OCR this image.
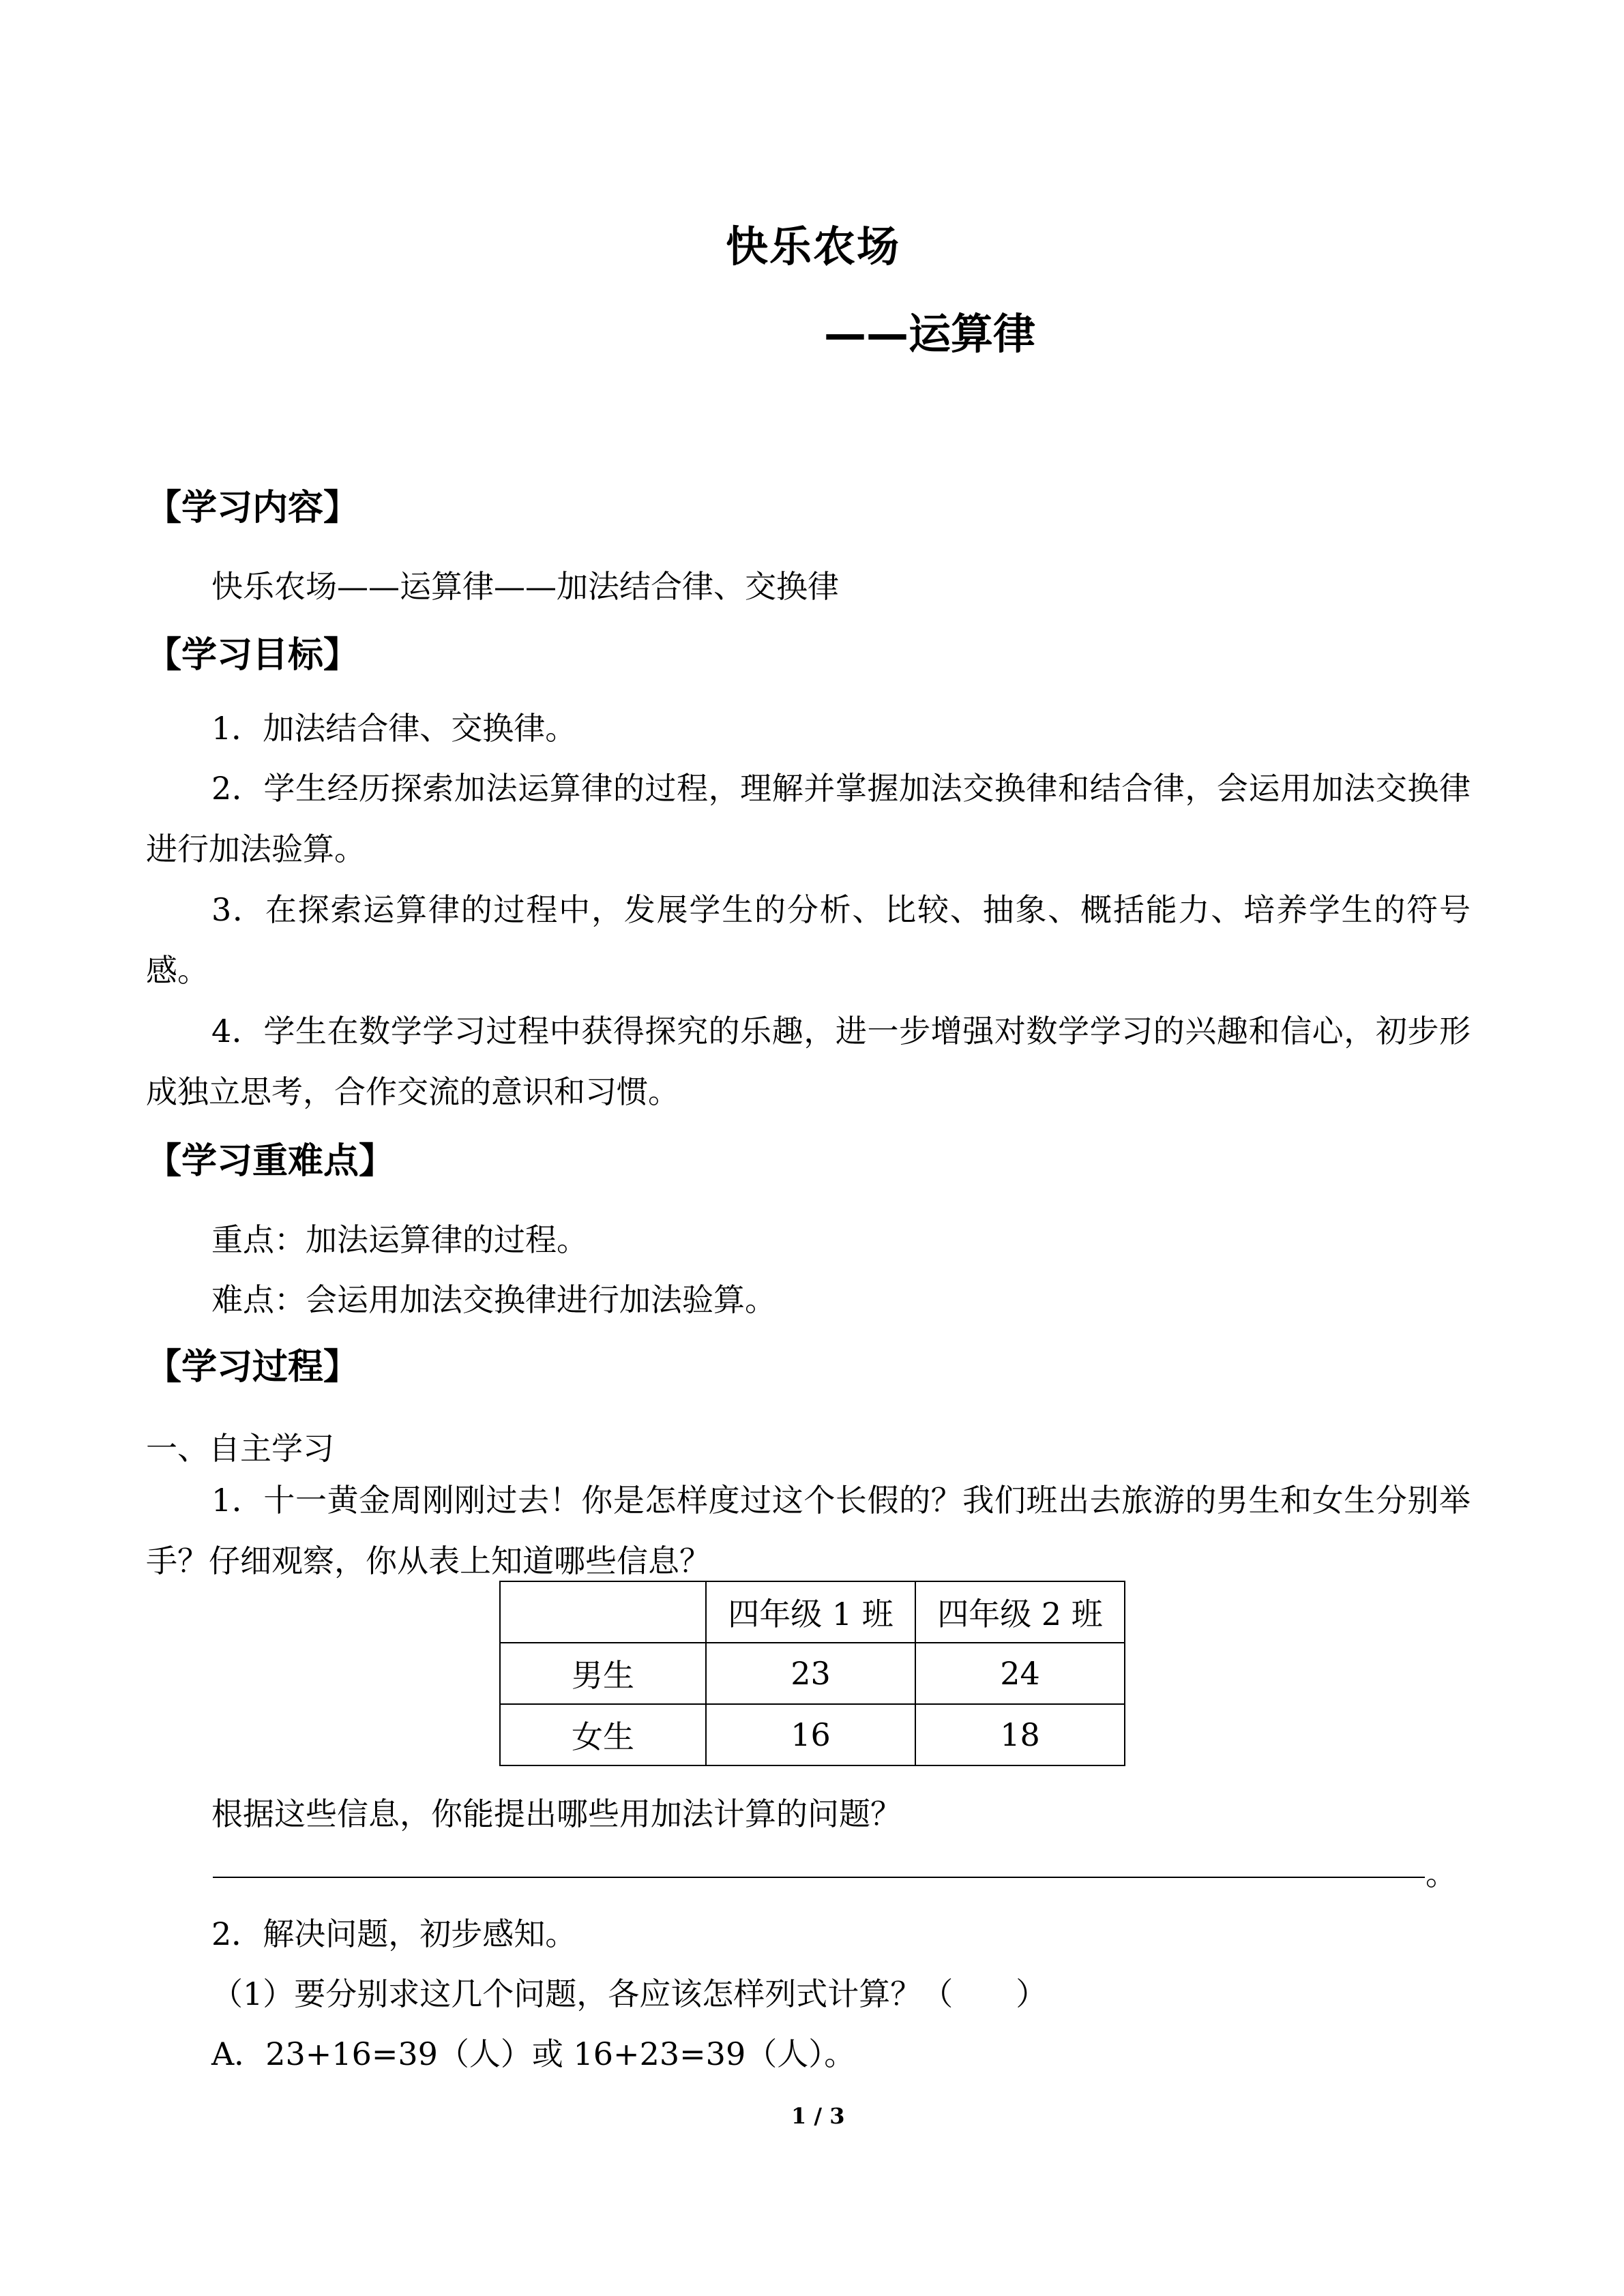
快乐农场
——运算律
【学习内容】
快乐农场——运算律——加法结合律、交换律
【学习目标】
1．加法结合律、交换律。
2．学生经历探索加法运算律的过程，理解并掌握加法交换律和结合律，会运用加法交换律进行加法验算。
3．在探索运算律的过程中，发展学生的分析、比较、抽象、概括能力、培养学生的符号感。
4．学生在数学学习过程中获得探究的乐趣，进一步增强对数学学习的兴趣和信心，初步形成独立思考，合作交流的意识和习惯。
【学习重难点】
重点：加法运算律的过程。
难点：会运用加法交换律进行加法验算。
【学习过程】
一、自主学习
1．十一黄金周刚刚过去！你是怎样度过这个长假的？我们班出去旅游的男生和女生分别举手？仔细观察，你从表上知道哪些信息？
	四年级 1 班	四年级 2 班
男生	23	24
女生	16	18
根据这些信息，你能提出哪些用加法计算的问题？
。
2．解决问题，初步感知。
（1）要分别求这几个问题，各应该怎样列式计算？（　　）
A．23+16=39（人）或 16+23=39（人）。
1 / 3
